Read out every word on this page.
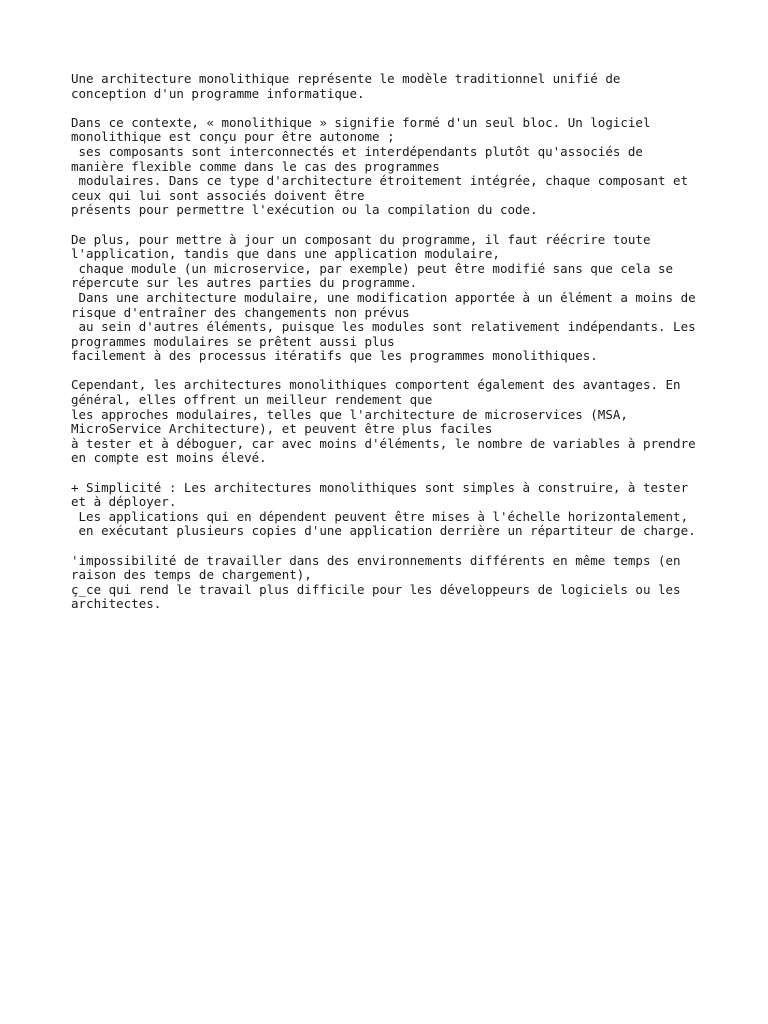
Une architecture monolithique représente le modèle traditionnel unifié de
conception d'un programme informatique.

Dans ce contexte, « monolithique » signifie formé d'un seul bloc. Un logiciel
monolithique est conçu pour être autonome ;
ses composants sont interconnectés et interdépendants plutôt qu'associés de
manière flexible comme dans le cas des programmes
modulaires. Dans ce type d'architecture étroitement intégrée, chaque composant et
ceux qui lui sont associés doivent être
présents pour permettre l'exécution ou la compilation du code.

De plus, pour mettre à jour un composant du programme, il faut réécrire toute
l'application, tandis que dans une application modulaire,
chaque module (un microservice, par exemple) peut être modifié sans que cela se
répercute sur les autres parties du programme.
Dans une architecture modulaire, une modification apportée à un élément a moins de
risque d'entraîner des changements non prévus
au sein d'autres éléments, puisque les modules sont relativement indépendants. Les
programmes modulaires se prêtent aussi plus
facilement à des processus itératifs que les programmes monolithiques.

Cependant, les architectures monolithiques comportent également des avantages. En
général, elles offrent un meilleur rendement que
les approches modulaires, telles que l'architecture de microservices (MSA,
MicroService Architecture), et peuvent être plus faciles
à tester et à déboguer, car avec moins d'éléments, le nombre de variables à prendre
en compte est moins élevé.

+ Simplicité : Les architectures monolithiques sont simples à construire, à tester
et à déployer.
Les applications qui en dépendent peuvent être mises à l'échelle horizontalement,
en exécutant plusieurs copies d'une application derrière un répartiteur de charge.

'impossibilité de travailler dans des environnements différents en même temps (en
raison des temps de chargement),
ç_ce qui rend le travail plus difficile pour les développeurs de logiciels ou les
architectes.
